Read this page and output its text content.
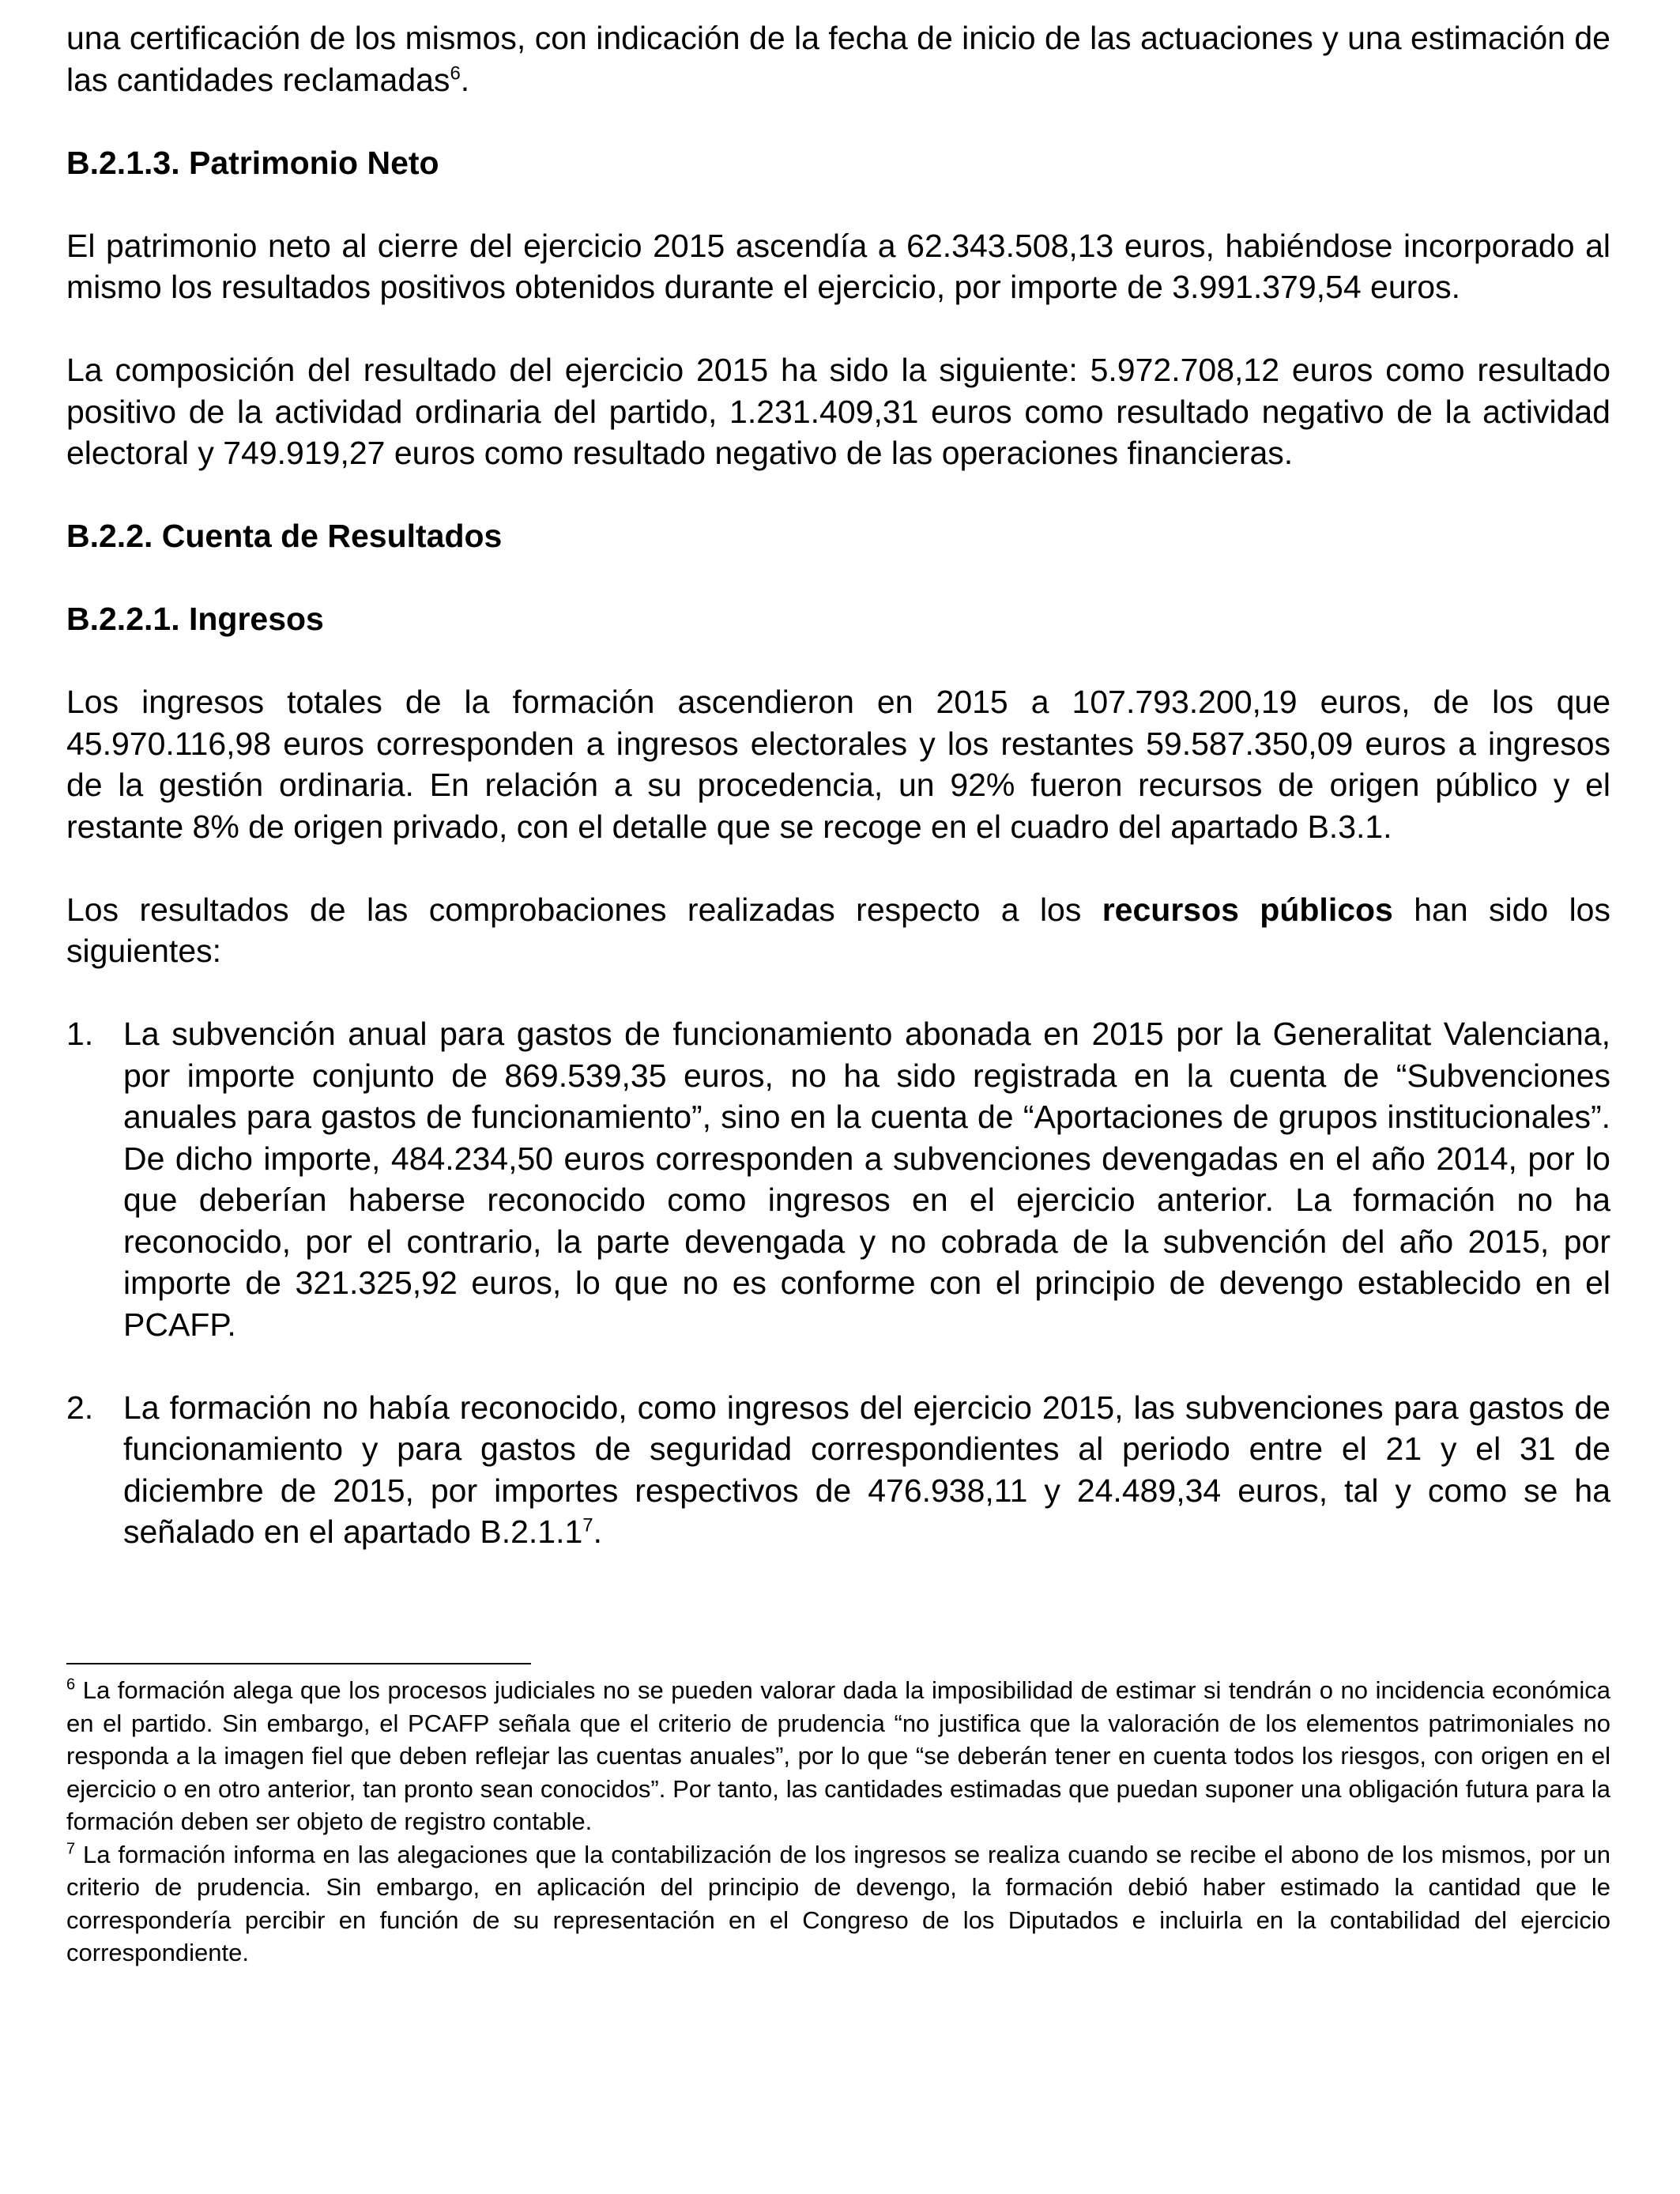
una certificación de los mismos, con indicación de la fecha de inicio de las actuaciones y una estimación de las cantidades reclamadas$^6$.

B.2.1.3. Patrimonio Neto

El patrimonio neto al cierre del ejercicio 2015 ascendía a 62.343.508,13 euros, habiéndose incorporado al mismo los resultados positivos obtenidos durante el ejercicio, por importe de 3.991.379,54 euros.

La composición del resultado del ejercicio 2015 ha sido la siguiente: 5.972.708,12 euros como resultado positivo de la actividad ordinaria del partido, 1.231.409,31 euros como resultado negativo de la actividad electoral y 749.919,27 euros como resultado negativo de las operaciones financieras.

B.2.2. Cuenta de Resultados
B.2.2.1. Ingresos

Los ingresos totales de la formación ascendieron en 2015 a 107.793.200,19 euros, de los que 45.970.116,98 euros corresponden a ingresos electorales y los restantes 59.587.350,09 euros a ingresos de la gestión ordinaria. En relación a su procedencia, un 92% fueron recursos de origen público y el restante 8% de origen privado, con el detalle que se recoge en el cuadro del apartado B.3.1.

Los resultados de las comprobaciones realizadas respecto a los recursos públicos han sido los siguientes:

1. La subvención anual para gastos de funcionamiento abonada en 2015 por la Generalitat Valenciana, por importe conjunto de 869.539,35 euros, no ha sido registrada en la cuenta de “Subvenciones anuales para gastos de funcionamiento”, sino en la cuenta de “Aportaciones de grupos institucionales”. De dicho importe, 484.234,50 euros corresponden a subvenciones devengadas en el año 2014, por lo que deberían haberse reconocido como ingresos en el ejercicio anterior. La formación no ha reconocido, por el contrario, la parte devengada y no cobrada de la subvención del año 2015, por importe de 321.325,92 euros, lo que no es conforme con el principio de devengo establecido en el PCAFP.

2. La formación no había reconocido, como ingresos del ejercicio 2015, las subvenciones para gastos de funcionamiento y para gastos de seguridad correspondientes al periodo entre el 21 y el 31 de diciembre de 2015, por importes respectivos de 476.938,11 y 24.489,34 euros, tal y como se ha señalado en el apartado B.2.1.1$^7$.

$^6$ La formación alega que los procesos judiciales no se pueden valorar dada la imposibilidad de estimar si tendrán o no incidencia económica en el partido. Sin embargo, el PCAFP señala que el criterio de prudencia “no justifica que la valoración de los elementos patrimoniales no responda a la imagen fiel que deben reflejar las cuentas anuales”, por lo que “se deberán tener en cuenta todos los riesgos, con origen en el ejercicio o en otro anterior, tan pronto sean conocidos”. Por tanto, las cantidades estimadas que puedan suponer una obligación futura para la formación deben ser objeto de registro contable.

$^7$ La formación informa en las alegaciones que la contabilización de los ingresos se realiza cuando se recibe el abono de los mismos, por un criterio de prudencia. Sin embargo, en aplicación del principio de devengo, la formación debió haber estimado la cantidad que le correspondería percibir en función de su representación en el Congreso de los Diputados e incluirla en la contabilidad del ejercicio correspondiente.
